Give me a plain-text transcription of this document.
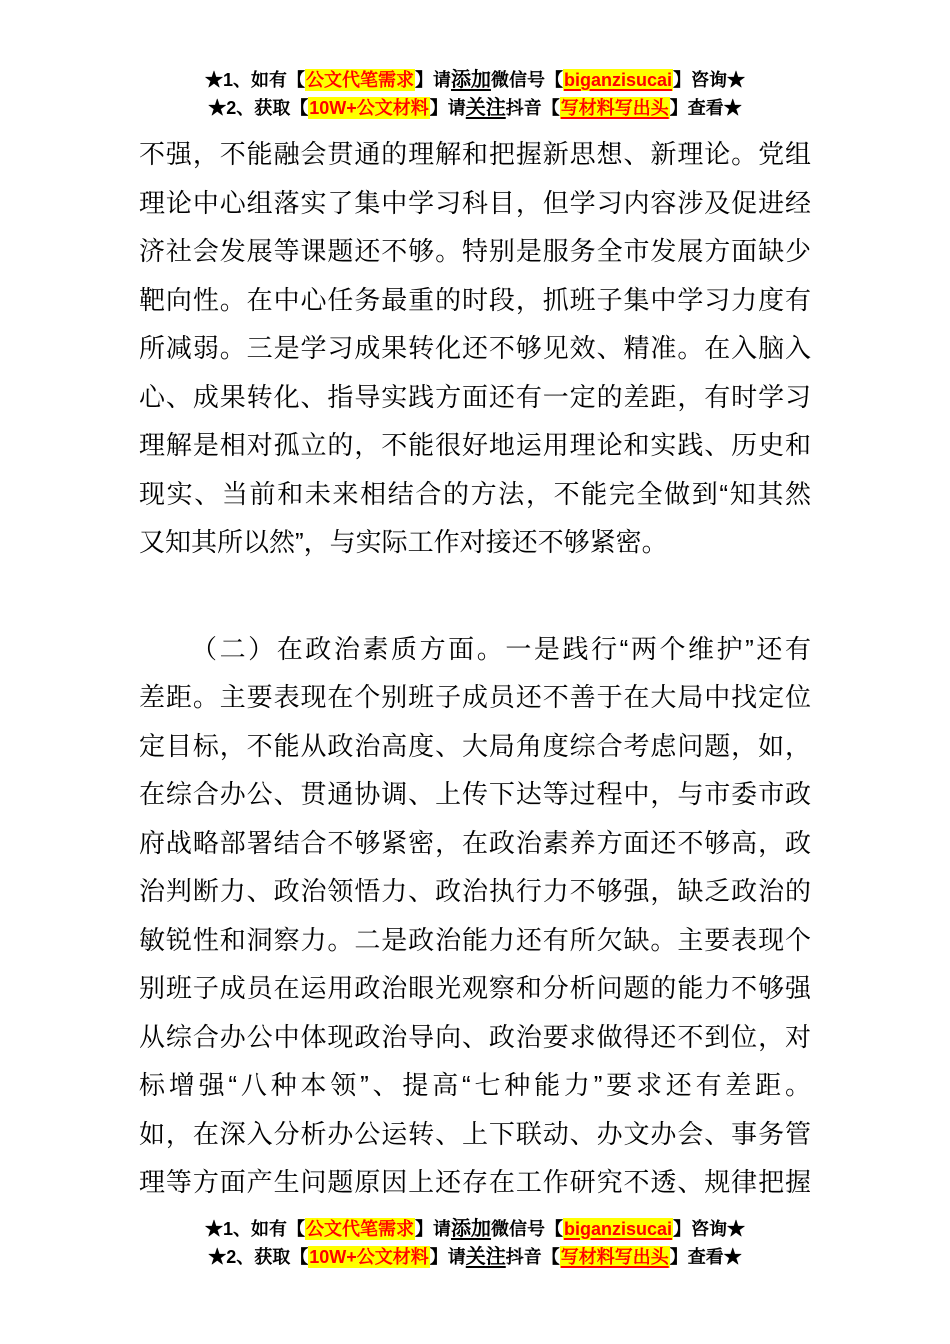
★1、如有【公文代笔需求】请添加微信号【biganzisucai】咨询★
★2、获取【10W+公文材料】请关注抖音【写材料写出头】查看★
不强，不能融会贯通的理解和把握新思想、新理论。党组
理论中心组落实了集中学习科目，但学习内容涉及促进经
济社会发展等课题还不够。特别是服务全市发展方面缺少
靶向性。在中心任务最重的时段，抓班子集中学习力度有
所减弱。三是学习成果转化还不够见效、精准。在入脑入
心、成果转化、指导实践方面还有一定的差距，有时学习
理解是相对孤立的，不能很好地运用理论和实践、历史和
现实、当前和未来相结合的方法，不能完全做到“知其然
又知其所以然”，与实际工作对接还不够紧密。
（二）在政治素质方面。一是践行“两个维护”还有
差距。主要表现在个别班子成员还不善于在大局中找定位
定目标，不能从政治高度、大局角度综合考虑问题，如，
在综合办公、贯通协调、上传下达等过程中，与市委市政
府战略部署结合不够紧密，在政治素养方面还不够高，政
治判断力、政治领悟力、政治执行力不够强，缺乏政治的
敏锐性和洞察力。二是政治能力还有所欠缺。主要表现个
别班子成员在运用政治眼光观察和分析问题的能力不够强
从综合办公中体现政治导向、政治要求做得还不到位，对
标增强“八种本领”、提高“七种能力”要求还有差距。
如，在深入分析办公运转、上下联动、办文办会、事务管
理等方面产生问题原因上还存在工作研究不透、规律把握
★1、如有【公文代笔需求】请添加微信号【biganzisucai】咨询★
★2、获取【10W+公文材料】请关注抖音【写材料写出头】查看★
